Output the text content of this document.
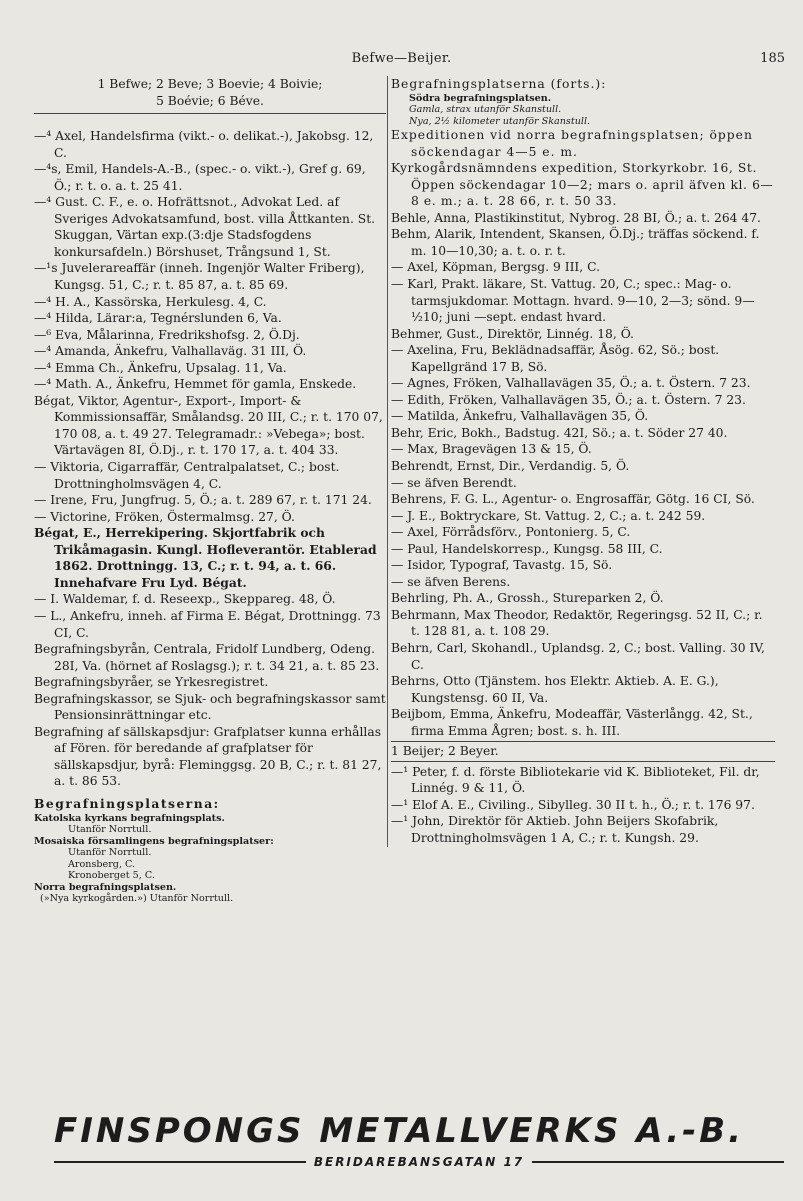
Befwe—Beijer.	185

1 Befwe; 2 Beve; 3 Boevie; 4 Boivie;

5 Boévie; 6 Béve.

—⁴ Axel, Handelsfirma (vikt.- o. delikat.-), Jakobsg. 12, C.

—⁴s, Emil, Handels-A.-B., (spec.- o. vikt.-), Gref g. 69, Ö.; r. t. o. a. t. 25 41.

—⁴ Gust. C. F., e. o. Hofrättsnot., Advokat Led. af Sveriges Advokatsamfund, bost. villa Åttkanten. St. Skuggan, Värtan exp.(3:dje Stadsfogdens konkursafdeln.) Börshuset, Trångsund 1, St.

—¹s Juvelerareaffär (inneh. Ingenjör Walter Friberg), Kungsg. 51, C.; r. t. 85 87, a. t. 85 69.

—⁴ H. A., Kassörska, Herkulesg. 4, C.

—⁴ Hilda, Lärar:a, Tegnérslunden 6, Va.

—⁶ Eva, Målarinna, Fredrikshofsg. 2, Ö.Dj.

—⁴ Amanda, Änkefru, Valhallaväg. 31 III, Ö.

—⁴ Emma Ch., Änkefru, Upsalag. 11, Va.

—⁴ Math. A., Änkefru, Hemmet för gamla, Enskede.

Bégat, Viktor, Agentur-, Export-, Import- & Kommissionsaffär, Smålandsg. 20 III, C.; r. t. 170 07, 170 08, a. t. 49 27. Telegramadr.: »Vebega»; bost. Värtavägen 8I, Ö.Dj., r. t. 170 17, a. t. 404 33.

— Viktoria, Cigarraffär, Centralpalatset, C.; bost. Drottningholmsvägen 4, C.

— Irene, Fru, Jungfrug. 5, Ö.; a. t. 289 67, r. t. 171 24.

— Victorine, Fröken, Östermalmsg. 27, Ö.

Bégat, E., Herrekipering. Skjortfabrik och Trikåmagasin. Kungl. Hofleverantör. Etablerad 1862. Drottningg. 13, C.; r. t. 94, a. t. 66. Innehafvare Fru Lyd. Bégat.

— I. Waldemar, f. d. Reseexp., Skeppareg. 48, Ö.

— L., Ankefru, inneh. af Firma E. Bégat, Drottningg. 73 CI, C.

Begrafningsbyrån, Centrala, Fridolf Lundberg, Odeng. 28I, Va. (hörnet af Roslagsg.); r. t. 34 21, a. t. 85 23.

Begrafningsbyråer, se Yrkesregistret.

Begrafningskassor, se Sjuk- och begrafningskassor samt Pensionsinrättningar etc.

Begrafning af sällskapsdjur: Grafplatser kunna erhållas af Fören. för beredande af grafplatser för sällskapsdjur, byrå: Fleminggsg. 20 B, C.; r. t. 81 27, a. t. 86 53.

Begrafningsplatserna:

Katolska kyrkans begrafningsplats.

Utanför Norrtull.

Mosaiska församlingens begrafningsplatser:

Utanför Norrtull.

Aronsberg, C.

Kronoberget 5, C.

Norra begrafningsplatsen.

(»Nya kyrkogården.») Utanför Norrtull.

Begrafningsplatserna (forts.):

Södra begrafningsplatsen.

Gamla, strax utanför Skanstull.

Nya, 2½ kilometer utanför Skanstull.

Expeditionen vid norra begrafningsplatsen; öppen söckendagar 4—5 e. m.

Kyrkogårdsnämndens expedition, Storkyrkobr. 16, St. Öppen söckendagar 10—2; mars o. april äfven kl. 6—8 e. m.; a. t. 28 66, r. t. 50 33.

Behle, Anna, Plastikinstitut, Nybrog. 28 BI, Ö.; a. t. 264 47.

Behm, Alarik, Intendent, Skansen, Ö.Dj.; träffas söckend. f. m. 10—10,30; a. t. o. r. t.

— Axel, Köpman, Bergsg. 9 III, C.

— Karl, Prakt. läkare, St. Vattug. 20, C.; spec.: Mag- o. tarmsjukdomar. Mottagn. hvard. 9—10, 2—3; sönd. 9—½10; juni —sept. endast hvard.

Behmer, Gust., Direktör, Linnég. 18, Ö.

— Axelina, Fru, Beklädnadsaffär, Åsög. 62, Sö.; bost. Kapellgränd 17 B, Sö.

— Agnes, Fröken, Valhallavägen 35, Ö.; a. t. Östern. 7 23.

— Edith, Fröken, Valhallavägen 35, Ö.; a. t. Östern. 7 23.

— Matilda, Änkefru, Valhallavägen 35, Ö.

Behr, Eric, Bokh., Badstug. 42I, Sö.; a. t. Söder 27 40.

— Max, Bragevägen 13 & 15, Ö.

Behrendt, Ernst, Dir., Verdandig. 5, Ö.

— se äfven Berendt.

Behrens, F. G. L., Agentur- o. Engrosaffär, Götg. 16 CI, Sö.

— J. E., Boktryckare, St. Vattug. 2, C.; a. t. 242 59.

— Axel, Förrådsförv., Pontonierg. 5, C.

— Paul, Handelskorresp., Kungsg. 58 III, C.

— Isidor, Typograf, Tavastg. 15, Sö.

— se äfven Berens.

Behrling, Ph. A., Grossh., Stureparken 2, Ö.

Behrmann, Max Theodor, Redaktör, Regeringsg. 52 II, C.; r. t. 128 81, a. t. 108 29.

Behrn, Carl, Skohandl., Uplandsg. 2, C.; bost. Valling. 30 IV, C.

Behrns, Otto (Tjänstem. hos Elektr. Aktieb. A. E. G.), Kungstensg. 60 II, Va.

Beijbom, Emma, Änkefru, Modeaffär, Västerlångg. 42, St., firma Emma Ågren; bost. s. h. III.

1 Beijer; 2 Beyer.

—¹ Peter, f. d. förste Bibliotekarie vid K. Biblioteket, Fil. dr, Linnég. 9 & 11, Ö.

—¹ Elof A. E., Civiling., Sibylleg. 30 II t. h., Ö.; r. t. 176 97.

—¹ John, Direktör för Aktieb. John Beijers Skofabrik, Drottningholmsvägen 1 A, C.; r. t. Kungsh. 29.

FINSPONGS METALLVERKS A.-B.
BERIDAREBANSGATAN 17
